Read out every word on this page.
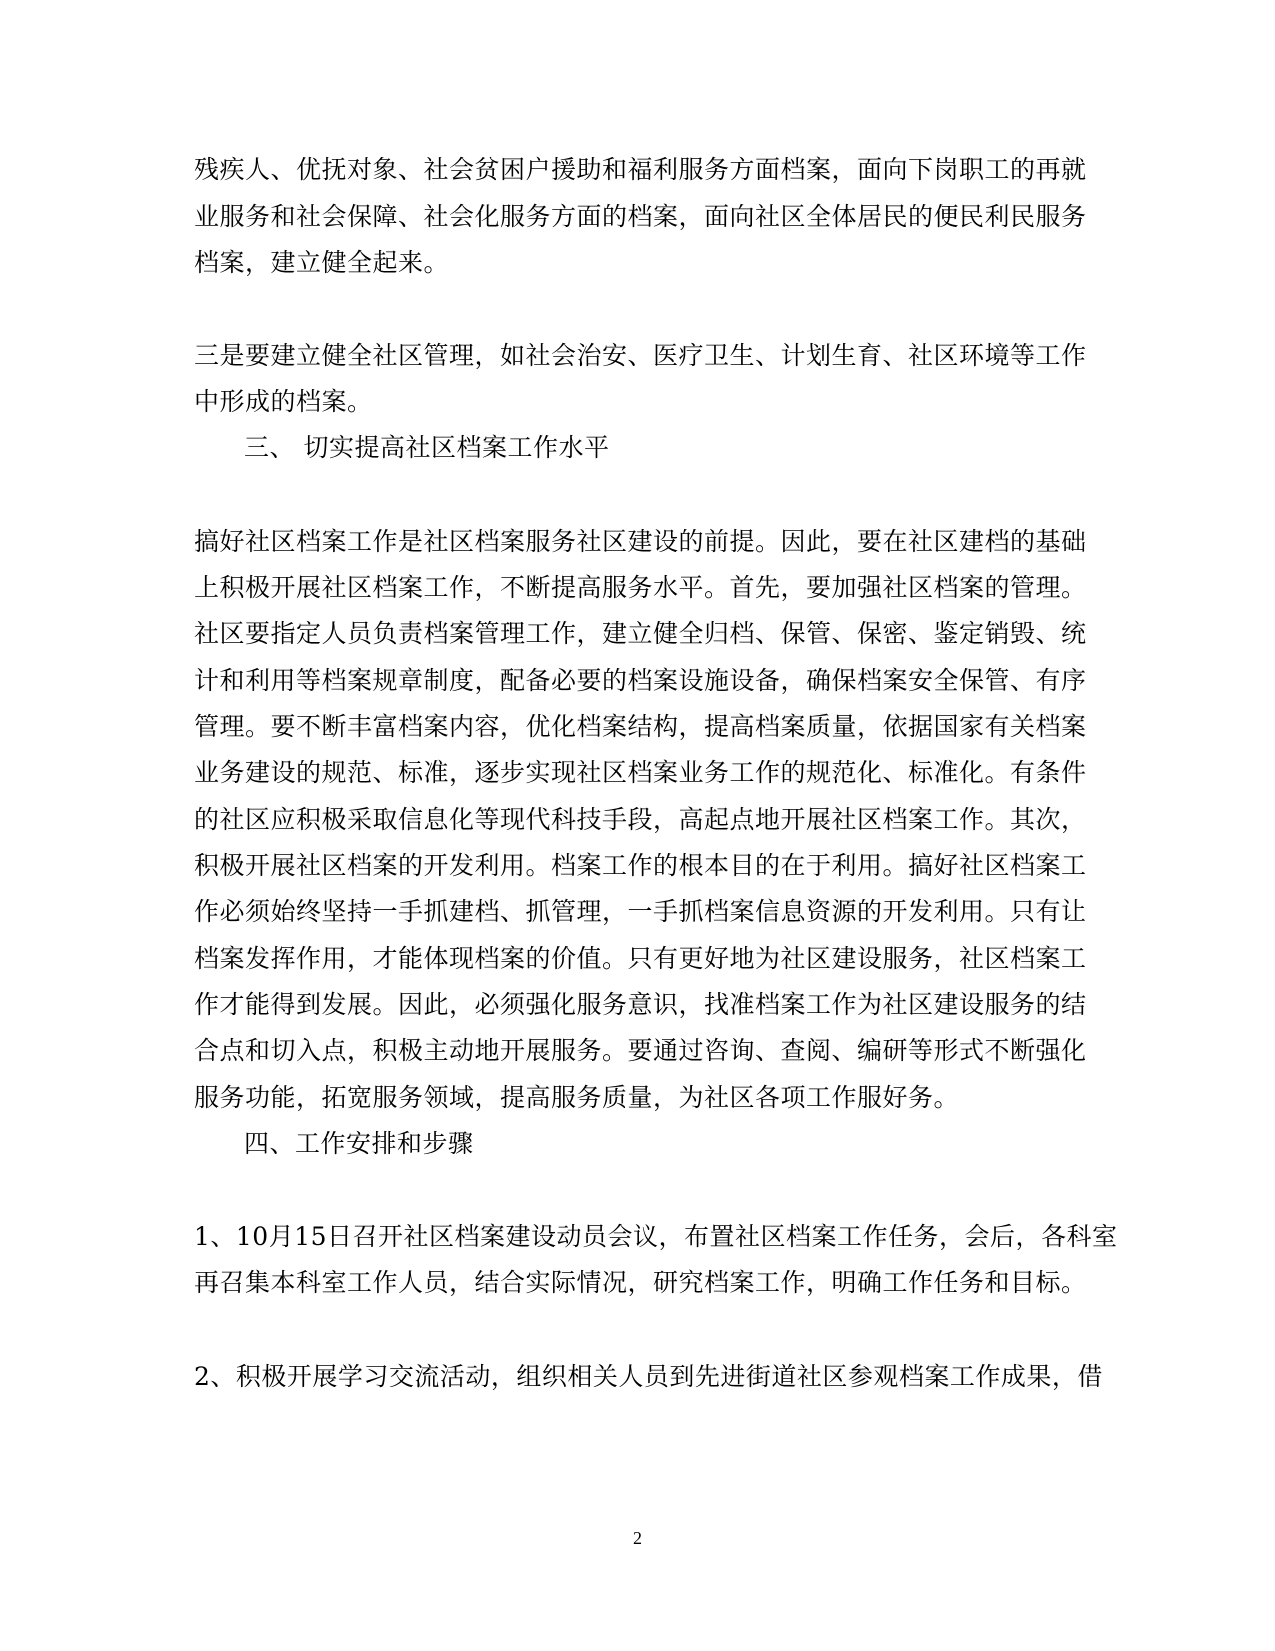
残疾人、优抚对象、社会贫困户援助和福利服务方面档案，面向下岗职工的再就

业服务和社会保障、社会化服务方面的档案，面向社区全体居民的便民利民服务

档案，建立健全起来。

三是要建立健全社区管理，如社会治安、医疗卫生、计划生育、社区环境等工作

中形成的档案。

三、 切实提高社区档案工作水平

搞好社区档案工作是社区档案服务社区建设的前提。因此，要在社区建档的基础

上积极开展社区档案工作，不断提高服务水平。首先，要加强社区档案的管理。

社区要指定人员负责档案管理工作，建立健全归档、保管、保密、鉴定销毁、统

计和利用等档案规章制度，配备必要的档案设施设备，确保档案安全保管、有序

管理。要不断丰富档案内容，优化档案结构，提高档案质量，依据国家有关档案

业务建设的规范、标准，逐步实现社区档案业务工作的规范化、标准化。有条件

的社区应积极采取信息化等现代科技手段，高起点地开展社区档案工作。其次，

积极开展社区档案的开发利用。档案工作的根本目的在于利用。搞好社区档案工

作必须始终坚持一手抓建档、抓管理，一手抓档案信息资源的开发利用。只有让

档案发挥作用，才能体现档案的价值。只有更好地为社区建设服务，社区档案工

作才能得到发展。因此，必须强化服务意识，找准档案工作为社区建设服务的结

合点和切入点，积极主动地开展服务。要通过咨询、查阅、编研等形式不断强化

服务功能，拓宽服务领域，提高服务质量，为社区各项工作服好务。

四、工作安排和步骤

1、10月15日召开社区档案建设动员会议，布置社区档案工作任务，会后，各科室

再召集本科室工作人员，结合实际情况，研究档案工作，明确工作任务和目标。

2、积极开展学习交流活动，组织相关人员到先进街道社区参观档案工作成果，借

2
